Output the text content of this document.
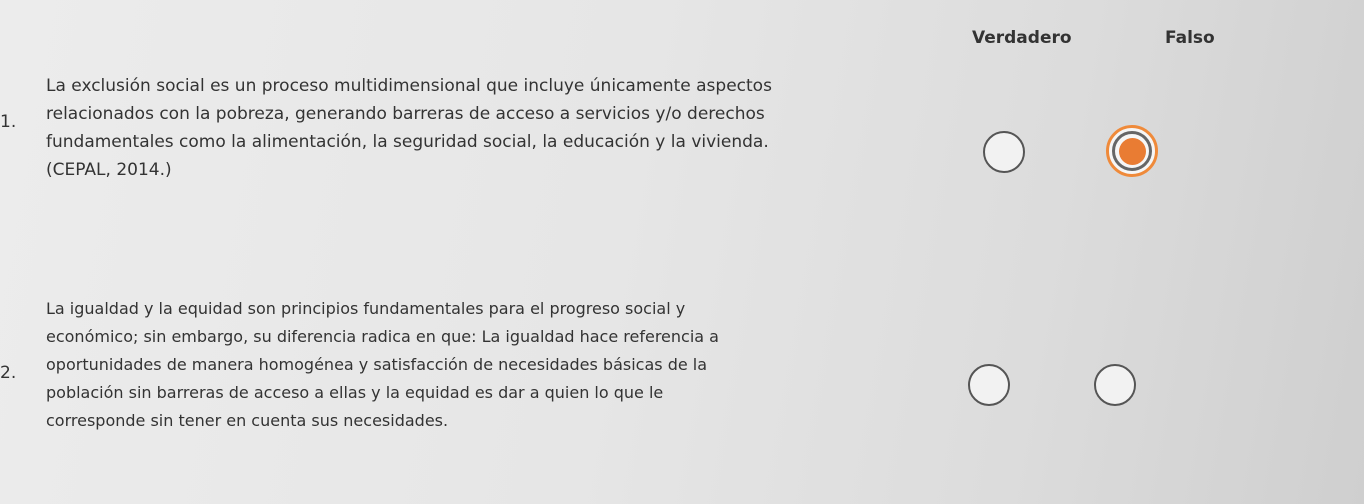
Verdadero	Falso
1.
La exclusión social es un proceso multidimensional que incluye únicamente aspectos
relacionados con la pobreza, generando barreras de acceso a servicios y/o derechos
fundamentales como la alimentación, la seguridad social, la educación y la vivienda.
(CEPAL, 2014.)
2.
La igualdad y la equidad son principios fundamentales para el progreso social y
económico; sin embargo, su diferencia radica en que: La igualdad hace referencia a
oportunidades de manera homogénea y satisfacción de necesidades básicas de la
población sin barreras de acceso a ellas y la equidad es dar a quien lo que le
corresponde sin tener en cuenta sus necesidades.
